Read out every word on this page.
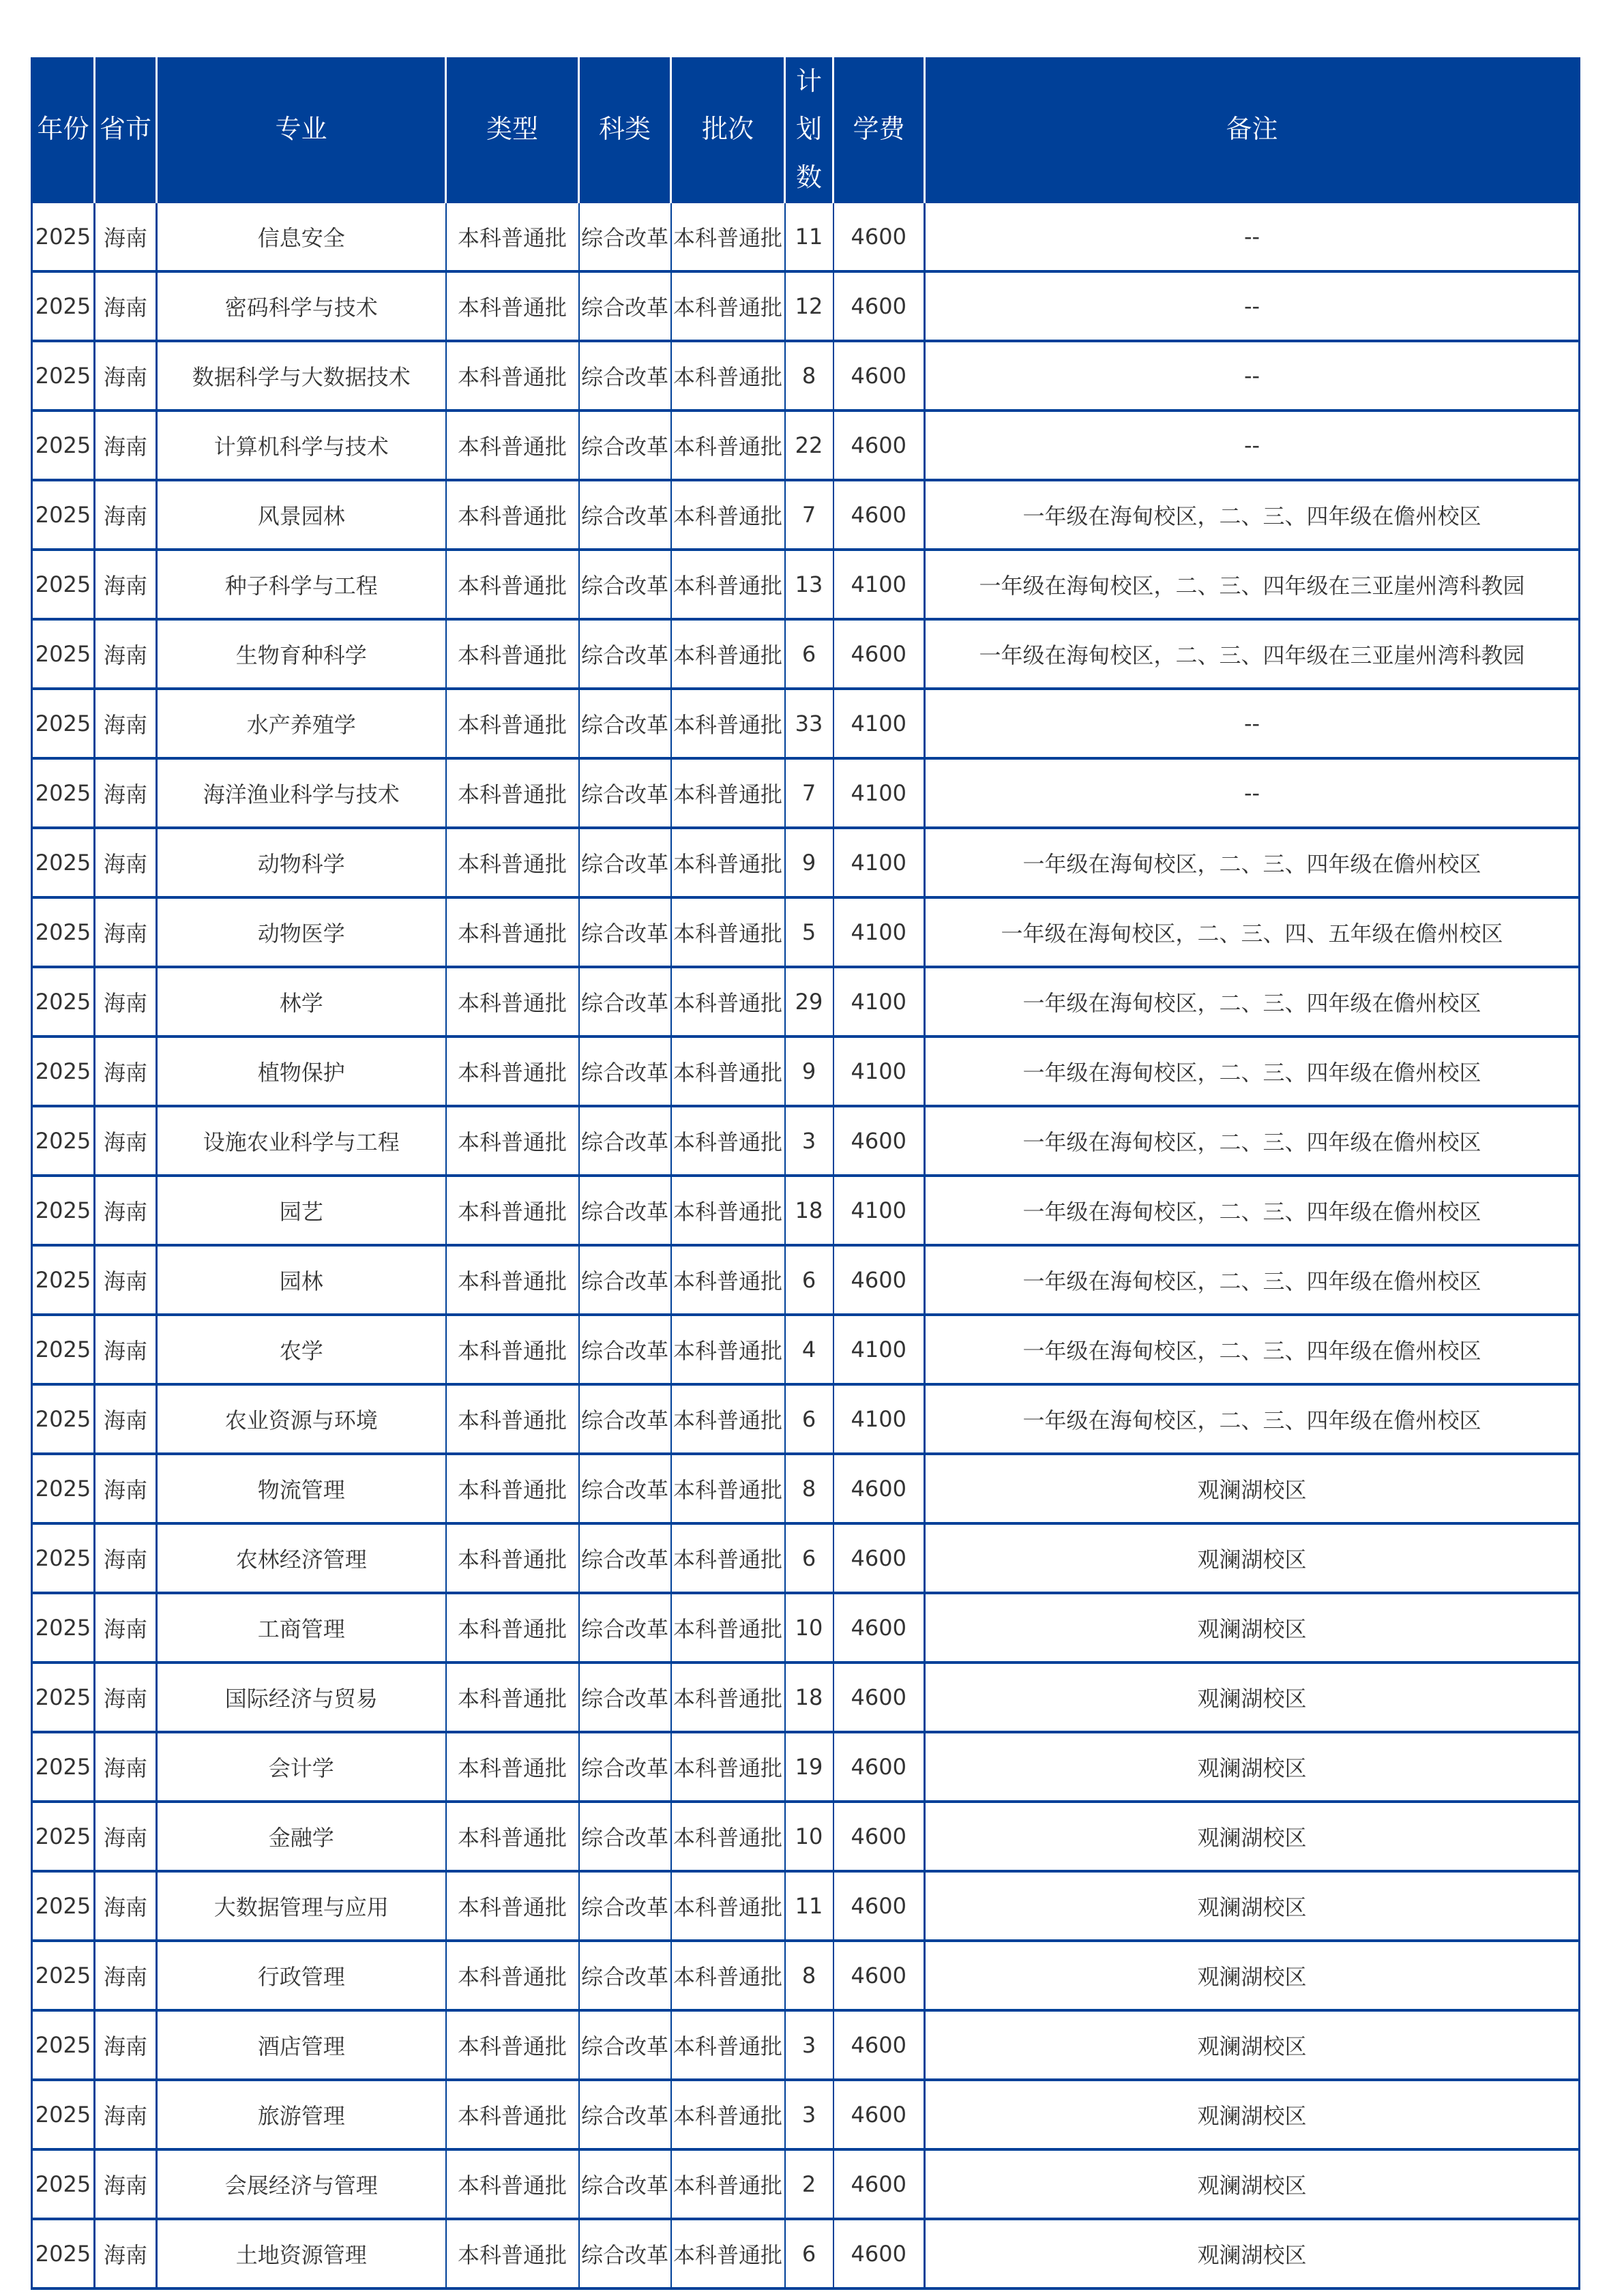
年份	省市	专业	类型	科类	批次	计划数	学费	备注
2025	海南	信息安全	本科普通批	综合改革	本科普通批	11	4600	--
2025	海南	密码科学与技术	本科普通批	综合改革	本科普通批	12	4600	--
2025	海南	数据科学与大数据技术	本科普通批	综合改革	本科普通批	8	4600	--
2025	海南	计算机科学与技术	本科普通批	综合改革	本科普通批	22	4600	--
2025	海南	风景园林	本科普通批	综合改革	本科普通批	7	4600	一年级在海甸校区，二、三、四年级在儋州校区
2025	海南	种子科学与工程	本科普通批	综合改革	本科普通批	13	4100	一年级在海甸校区，二、三、四年级在三亚崖州湾科教园
2025	海南	生物育种科学	本科普通批	综合改革	本科普通批	6	4600	一年级在海甸校区，二、三、四年级在三亚崖州湾科教园
2025	海南	水产养殖学	本科普通批	综合改革	本科普通批	33	4100	--
2025	海南	海洋渔业科学与技术	本科普通批	综合改革	本科普通批	7	4100	--
2025	海南	动物科学	本科普通批	综合改革	本科普通批	9	4100	一年级在海甸校区，二、三、四年级在儋州校区
2025	海南	动物医学	本科普通批	综合改革	本科普通批	5	4100	一年级在海甸校区，二、三、四、五年级在儋州校区
2025	海南	林学	本科普通批	综合改革	本科普通批	29	4100	一年级在海甸校区，二、三、四年级在儋州校区
2025	海南	植物保护	本科普通批	综合改革	本科普通批	9	4100	一年级在海甸校区，二、三、四年级在儋州校区
2025	海南	设施农业科学与工程	本科普通批	综合改革	本科普通批	3	4600	一年级在海甸校区，二、三、四年级在儋州校区
2025	海南	园艺	本科普通批	综合改革	本科普通批	18	4100	一年级在海甸校区，二、三、四年级在儋州校区
2025	海南	园林	本科普通批	综合改革	本科普通批	6	4600	一年级在海甸校区，二、三、四年级在儋州校区
2025	海南	农学	本科普通批	综合改革	本科普通批	4	4100	一年级在海甸校区，二、三、四年级在儋州校区
2025	海南	农业资源与环境	本科普通批	综合改革	本科普通批	6	4100	一年级在海甸校区，二、三、四年级在儋州校区
2025	海南	物流管理	本科普通批	综合改革	本科普通批	8	4600	观澜湖校区
2025	海南	农林经济管理	本科普通批	综合改革	本科普通批	6	4600	观澜湖校区
2025	海南	工商管理	本科普通批	综合改革	本科普通批	10	4600	观澜湖校区
2025	海南	国际经济与贸易	本科普通批	综合改革	本科普通批	18	4600	观澜湖校区
2025	海南	会计学	本科普通批	综合改革	本科普通批	19	4600	观澜湖校区
2025	海南	金融学	本科普通批	综合改革	本科普通批	10	4600	观澜湖校区
2025	海南	大数据管理与应用	本科普通批	综合改革	本科普通批	11	4600	观澜湖校区
2025	海南	行政管理	本科普通批	综合改革	本科普通批	8	4600	观澜湖校区
2025	海南	酒店管理	本科普通批	综合改革	本科普通批	3	4600	观澜湖校区
2025	海南	旅游管理	本科普通批	综合改革	本科普通批	3	4600	观澜湖校区
2025	海南	会展经济与管理	本科普通批	综合改革	本科普通批	2	4600	观澜湖校区
2025	海南	土地资源管理	本科普通批	综合改革	本科普通批	6	4600	观澜湖校区
